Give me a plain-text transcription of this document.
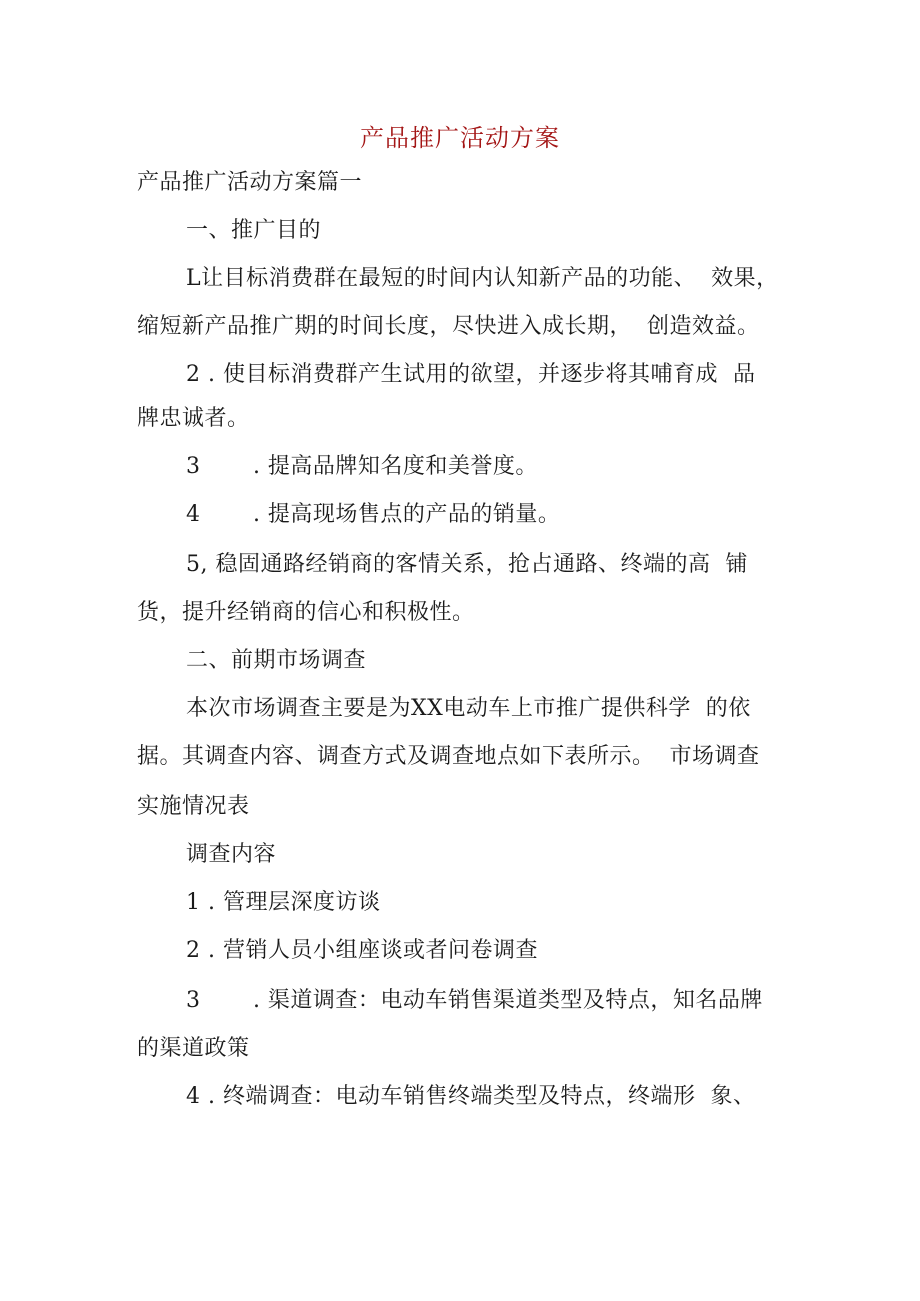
产品推广活动方案
产品推广活动方案篇一
一、推广目的
L让目标消费群在最短的时间内认知新产品的功能、  效果，
缩短新产品推广期的时间长度，尽快进入成长期，  创造效益。
2 . 使目标消费群产生试用的欲望，并逐步将其哺育成  品
牌忠诚者。
3       . 提高品牌知名度和美誉度。
4       . 提高现场售点的产品的销量。
5, 稳固通路经销商的客情关系，抢占通路、终端的高  铺
货，提升经销商的信心和积极性。
二、前期市场调查
本次市场调查主要是为XX电动车上市推广提供科学  的依
据。其调查内容、调查方式及调查地点如下表所示。  市场调查
实施情况表
调查内容
1 . 管理层深度访谈
2 . 营销人员小组座谈或者问卷调查
3       . 渠道调查：电动车销售渠道类型及特点，知名品牌
的渠道政策
4 . 终端调查：电动车销售终端类型及特点，终端形  象、
